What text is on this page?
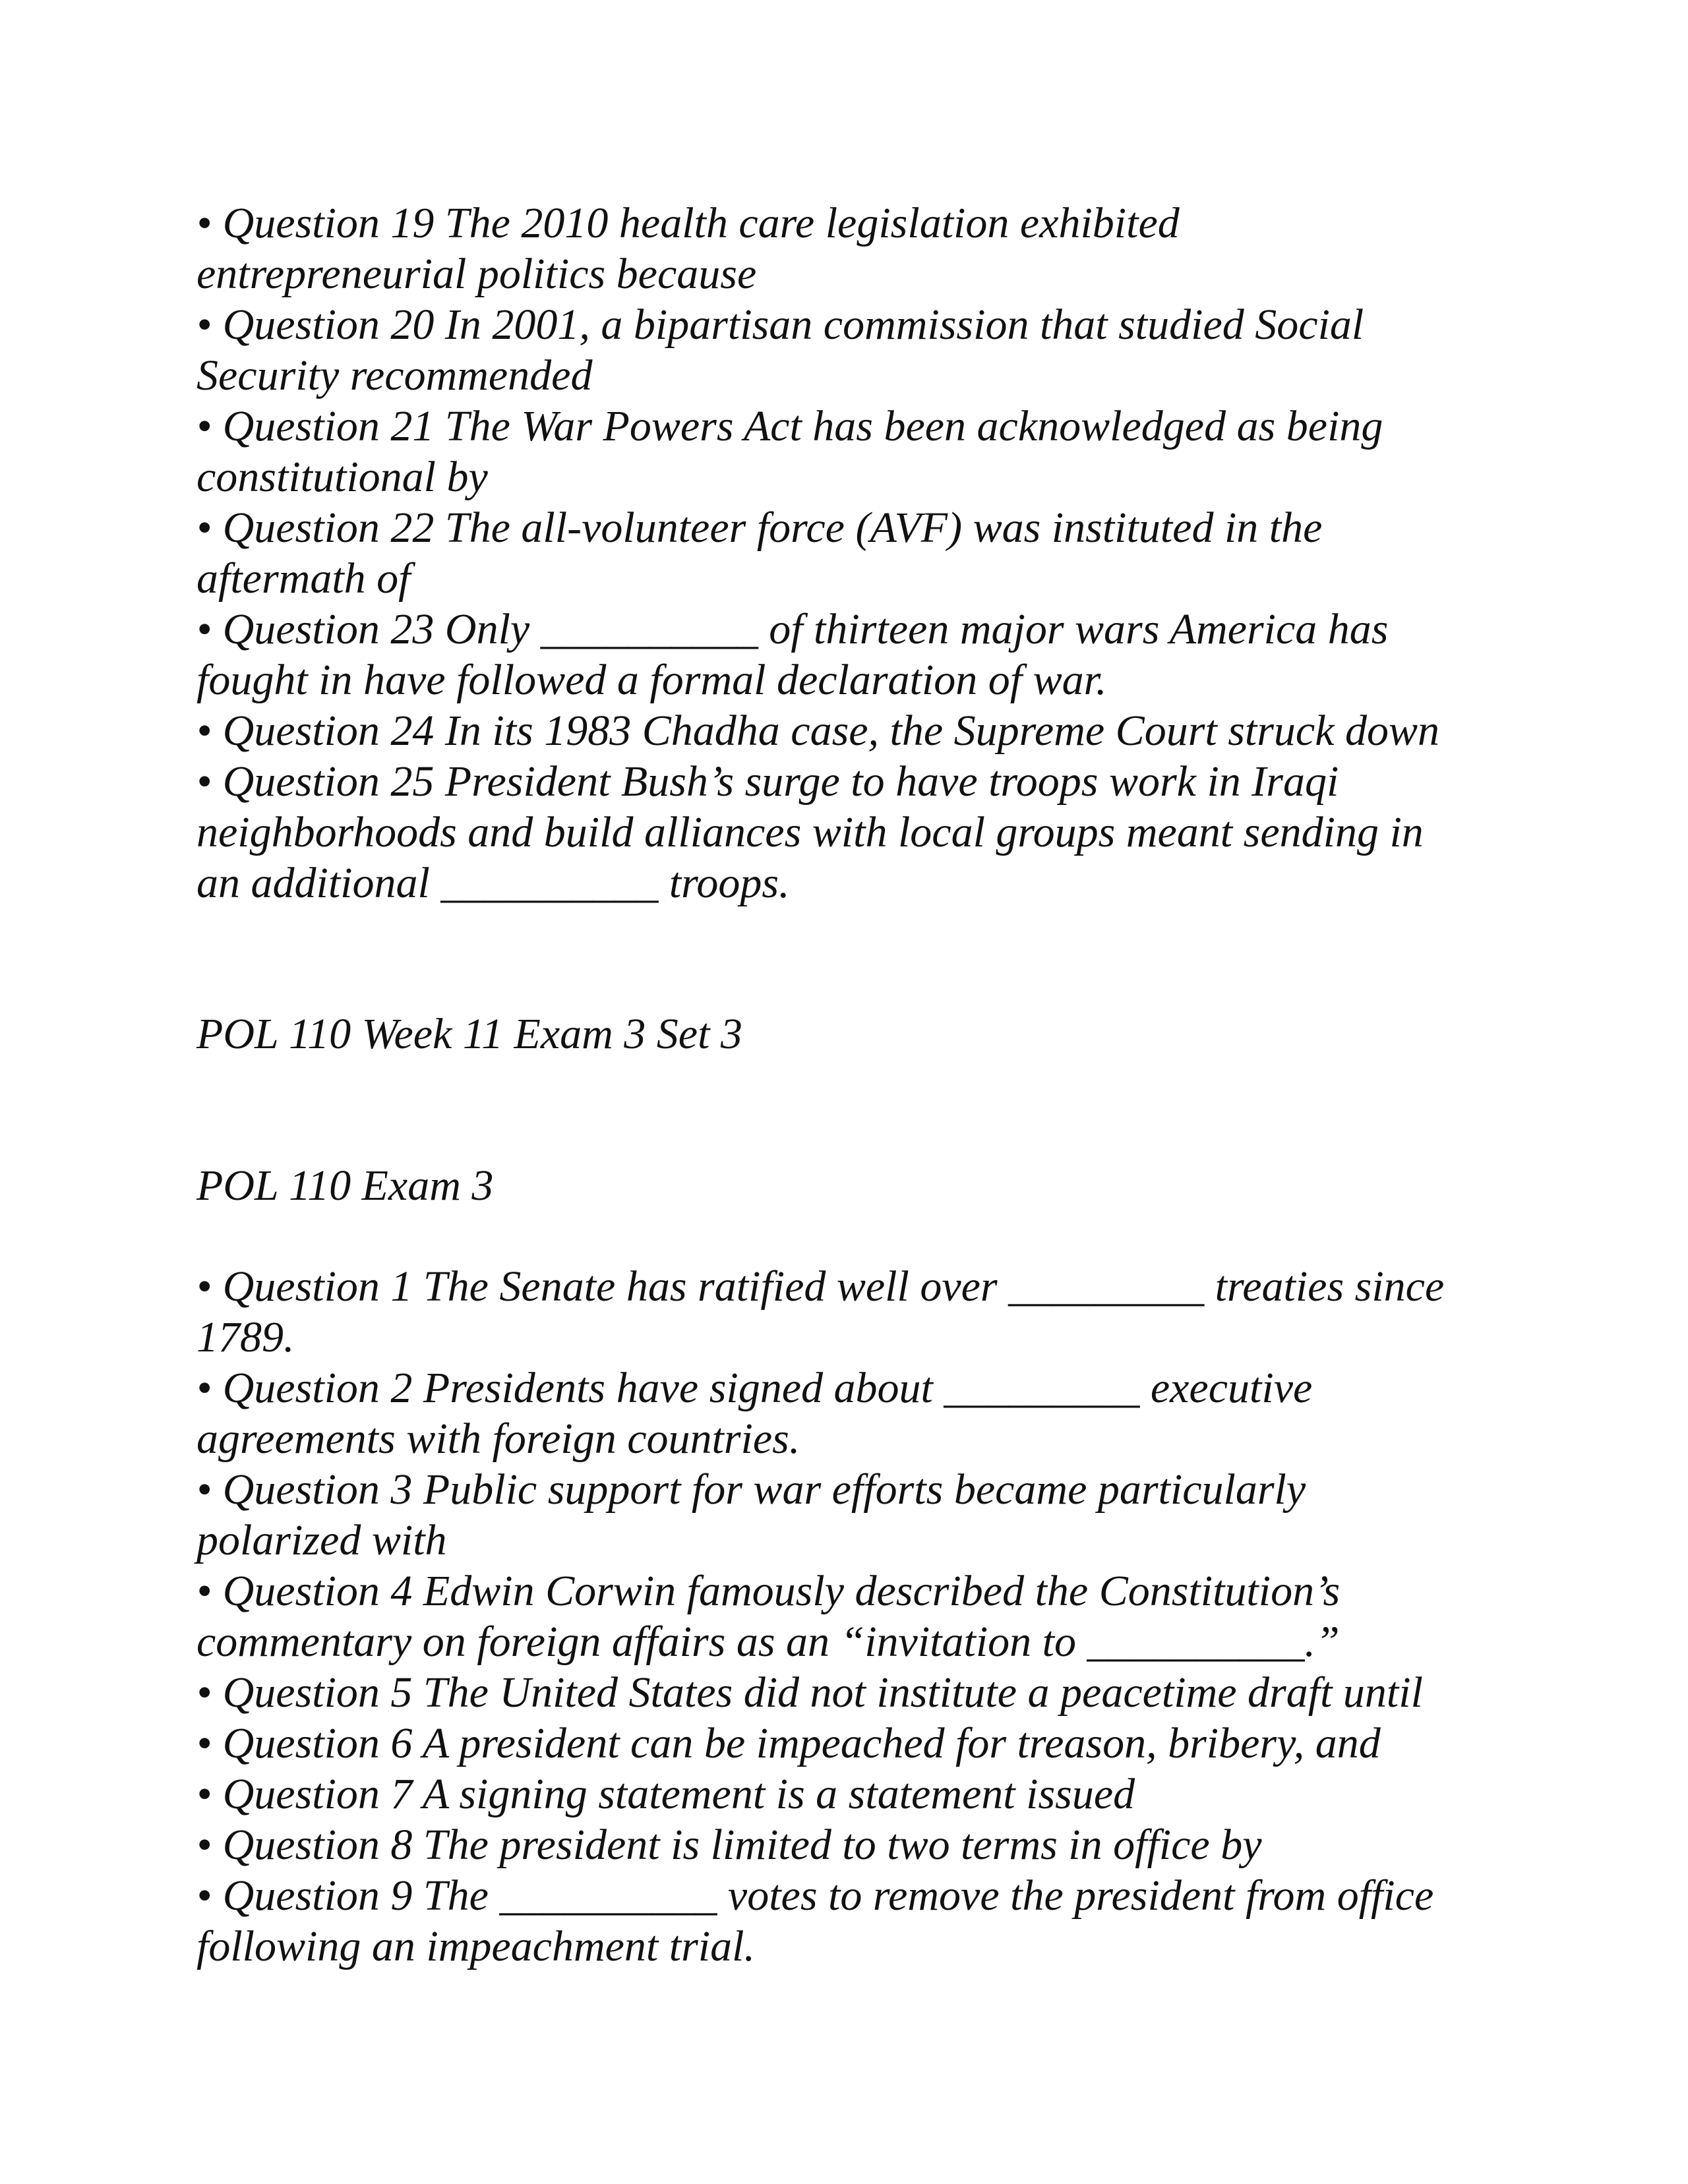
• Question 19 The 2010 health care legislation exhibited

entrepreneurial politics because

• Question 20 In 2001, a bipartisan commission that studied Social

Security recommended

• Question 21 The War Powers Act has been acknowledged as being

constitutional by

• Question 22 The all-volunteer force (AVF) was instituted in the

aftermath of

• Question 23 Only __________ of thirteen major wars America has

fought in have followed a formal declaration of war.

• Question 24 In its 1983 Chadha case, the Supreme Court struck down

• Question 25 President Bush’s surge to have troops work in Iraqi

neighborhoods and build alliances with local groups meant sending in

an additional __________ troops.

POL 110 Week 11 Exam 3 Set 3
POL 110 Exam 3

• Question 1 The Senate has ratified well over _________ treaties since

1789.

• Question 2 Presidents have signed about _________ executive

agreements with foreign countries.

• Question 3 Public support for war efforts became particularly

polarized with

• Question 4 Edwin Corwin famously described the Constitution’s

commentary on foreign affairs as an “invitation to __________.”

• Question 5 The United States did not institute a peacetime draft until

• Question 6 A president can be impeached for treason, bribery, and

• Question 7 A signing statement is a statement issued

• Question 8 The president is limited to two terms in office by

• Question 9 The __________ votes to remove the president from office

following an impeachment trial.
